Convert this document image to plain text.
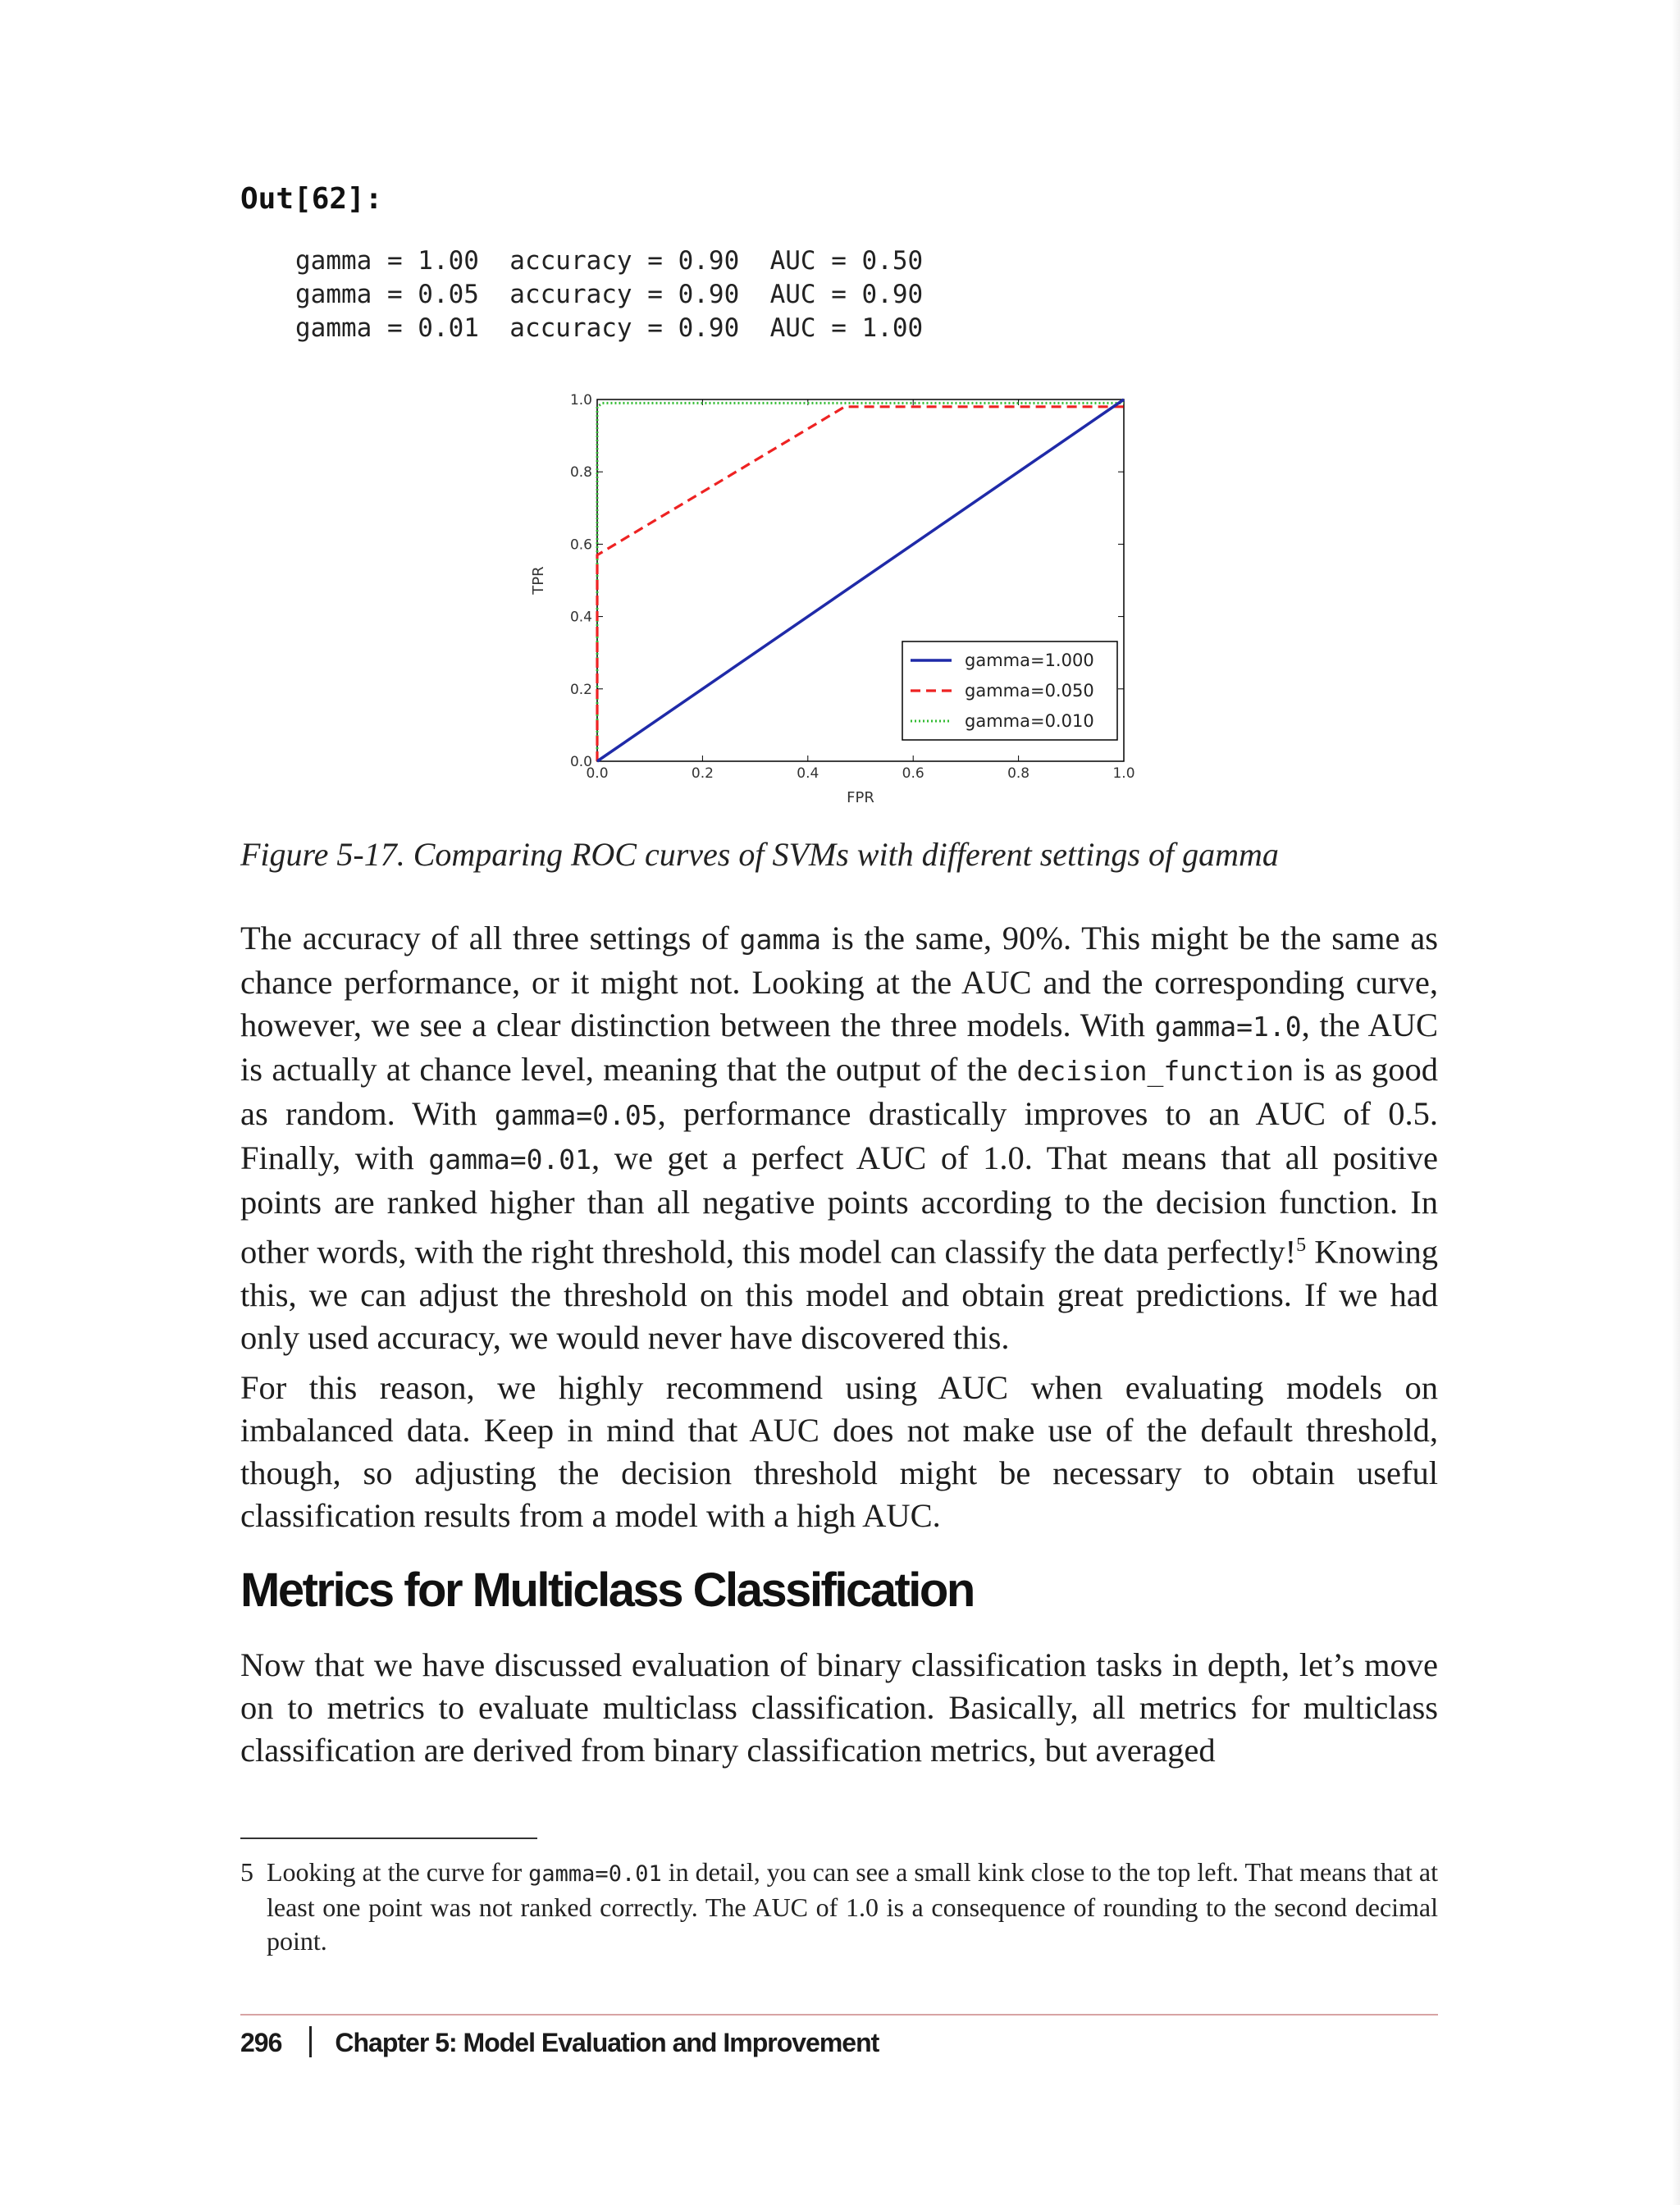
Out[62]:
gamma = 1.00  accuracy = 0.90  AUC = 0.50
gamma = 0.05  accuracy = 0.90  AUC = 0.90
gamma = 0.01  accuracy = 0.90  AUC = 1.00
0.0	0.2	0.4	0.6	0.8	1.0
0.0
0.2
0.4
0.6
0.8
1.0
FPR
TPR
gamma=1.000
gamma=0.050
gamma=0.010
Figure 5-17. Comparing ROC curves of SVMs with different settings of gamma

The accuracy of all three settings of gamma is the same, 90%. This might be the same as chance performance, or it might not. Looking at the AUC and the corresponding curve, however, we see a clear distinction between the three models. With gamma=1.0, the AUC is actually at chance level, meaning that the output of the decision_function is as good as random. With gamma=0.05, performance drastically improves to an AUC of 0.5. Finally, with gamma=0.01, we get a perfect AUC of 1.0. That means that all positive points are ranked higher than all negative points according to the decision function. In other words, with the right threshold, this model can classify the data perfectly!$^5$ Knowing this, we can adjust the threshold on this model and obtain great predictions. If we had only used accuracy, we would never have discovered this.

For this reason, we highly recommend using AUC when evaluating models on imbalanced data. Keep in mind that AUC does not make use of the default threshold, though, so adjusting the decision threshold might be necessary to obtain useful classification results from a model with a high AUC.

Metrics for Multiclass Classification

Now that we have discussed evaluation of binary classification tasks in depth, let’s move on to metrics to evaluate multiclass classification. Basically, all metrics for multiclass classification are derived from binary classification metrics, but averaged

5 Looking at the curve for gamma=0.01 in detail, you can see a small kink close to the top left. That means that at least one point was not ranked correctly. The AUC of 1.0 is a consequence of rounding to the second decimal point.
296 Chapter 5: Model Evaluation and Improvement
